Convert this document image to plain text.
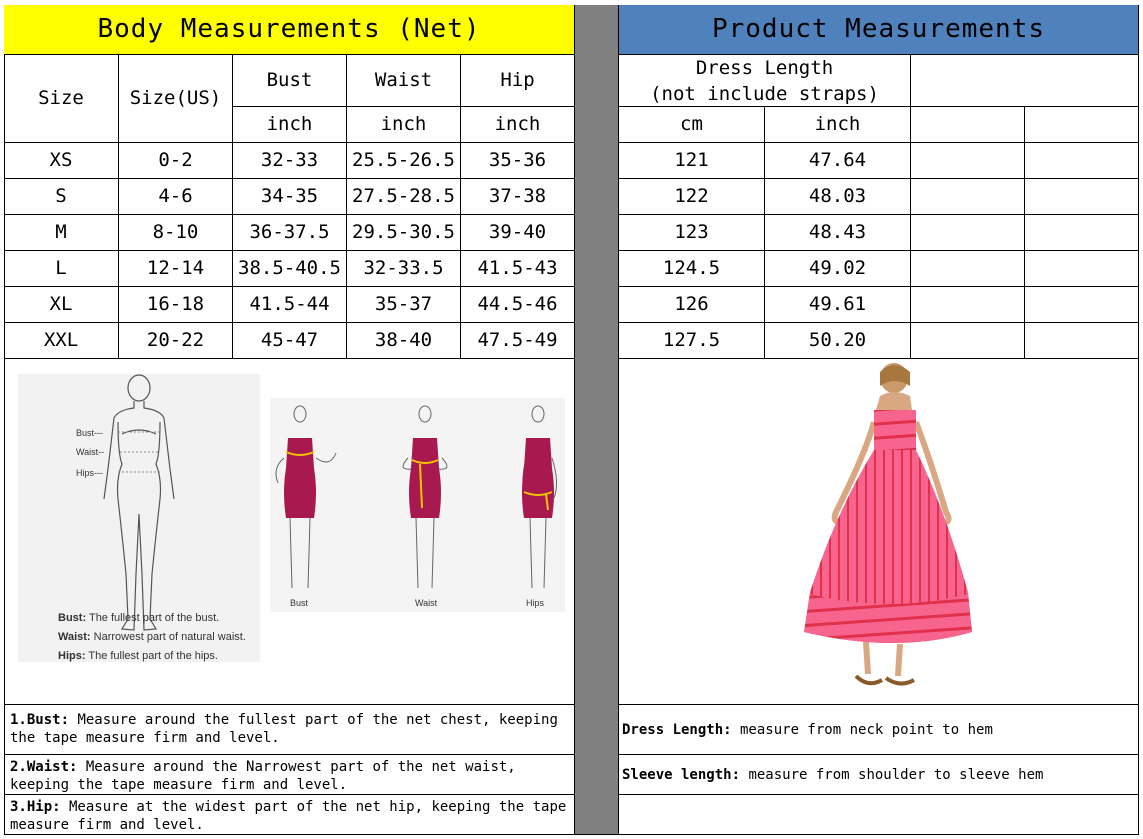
Body Measurements (Net)	Product Measurements
Size	Size(US)
Bust	Waist	Hip
inch	inch	inch
Dress Length
(not include straps)
cm	inch
XS	0-2	32-33	25.5-26.5	35-36	121	47.64
S	4-6	34-35	27.5-28.5	37-38	122	48.03
M	8-10	36-37.5	29.5-30.5	39-40	123	48.43
L	12-14	38.5-40.5	32-33.5	41.5-43	124.5	49.02
XL	16-18	41.5-44	35-37	44.5-46	126	49.61
XXL	20-22	45-47	38-40	47.5-49	127.5	50.20
Bust---
Waist--
Hips---
Bust: The fullest part of the bust.
Waist: Narrowest part of natural waist.
Hips: The fullest part of the hips.
Bust	Waist	Hips
1.Bust: Measure around the fullest part of the net chest, keeping the tape measure firm and level.
2.Waist: Measure around the Narrowest part of the net waist, keeping the tape measure firm and level.
3.Hip: Measure at the widest part of the net hip, keeping the tape measure firm and level.
Dress Length: measure from neck point to hem
Sleeve length: measure from shoulder to sleeve hem
